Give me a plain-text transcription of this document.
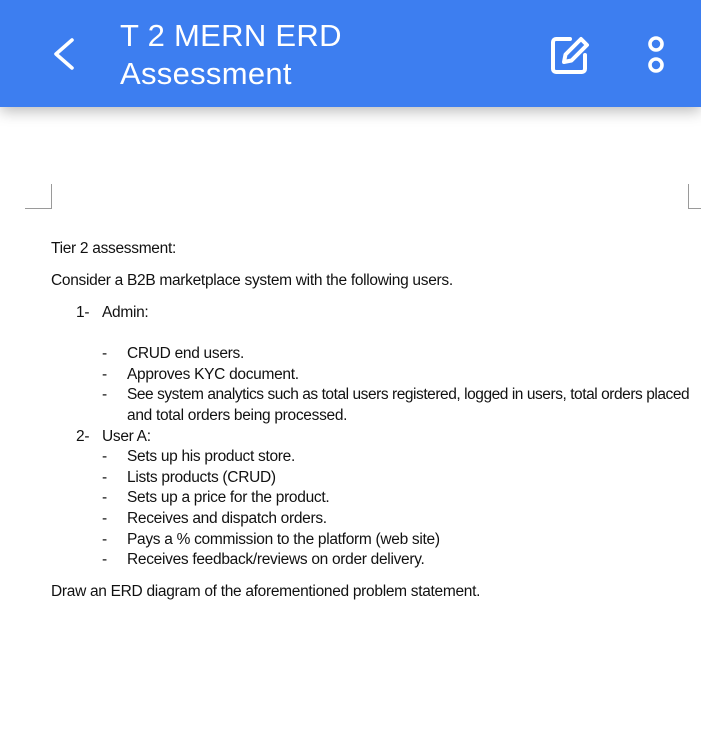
T 2 MERN ERD
Assessment
Tier 2 assessment:
Consider a B2B marketplace system with the following users.
1- Admin:
- CRUD end users.
- Approves KYC document.
- See system analytics such as total users registered, logged in users, total orders placed
and total orders being processed.
2- User A:
- Sets up his product store.
- Lists products (CRUD)
- Sets up a price for the product.
- Receives and dispatch orders.
- Pays a % commission to the platform (web site)
- Receives feedback/reviews on order delivery.
Draw an ERD diagram of the aforementioned problem statement.
